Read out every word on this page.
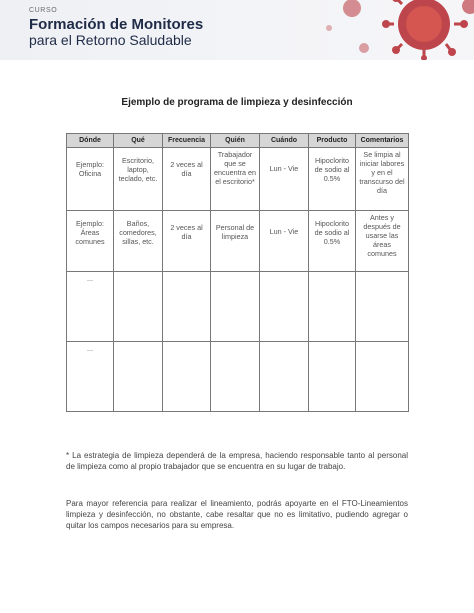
CURSO
Formación de Monitores
para el Retorno Saludable
Ejemplo de programa de limpieza y desinfección
Dónde	Qué	Frecuencia	Quién	Cuándo	Producto	Comentarios
Ejemplo: Oficina	Escritorio, laptop, teclado, etc.	2 veces al día	Trabajador que se encuentra en el escritorio*	Lun - Vie	Hipoclorito de sodio al 0.5%	Se limpia al iniciar labores y en el transcurso del día
Ejemplo: Áreas comunes	Baños, comedores, sillas, etc.	2 veces al día	Personal de limpieza	Lun - Vie	Hipoclorito de sodio al 0.5%	Antes y después de usarse las áreas comunes
...						
...						

* La estrategia de limpieza dependerá de la empresa, haciendo responsable tanto al personal de limpieza como al propio trabajador que se encuentra en su lugar de trabajo.

Para mayor referencia para realizar el lineamiento, podrás apoyarte en el FTO-Lineamientos limpieza y desinfección, no obstante, cabe resaltar que no es limitativo, pudiendo agregar o quitar los campos necesarios para su empresa.
